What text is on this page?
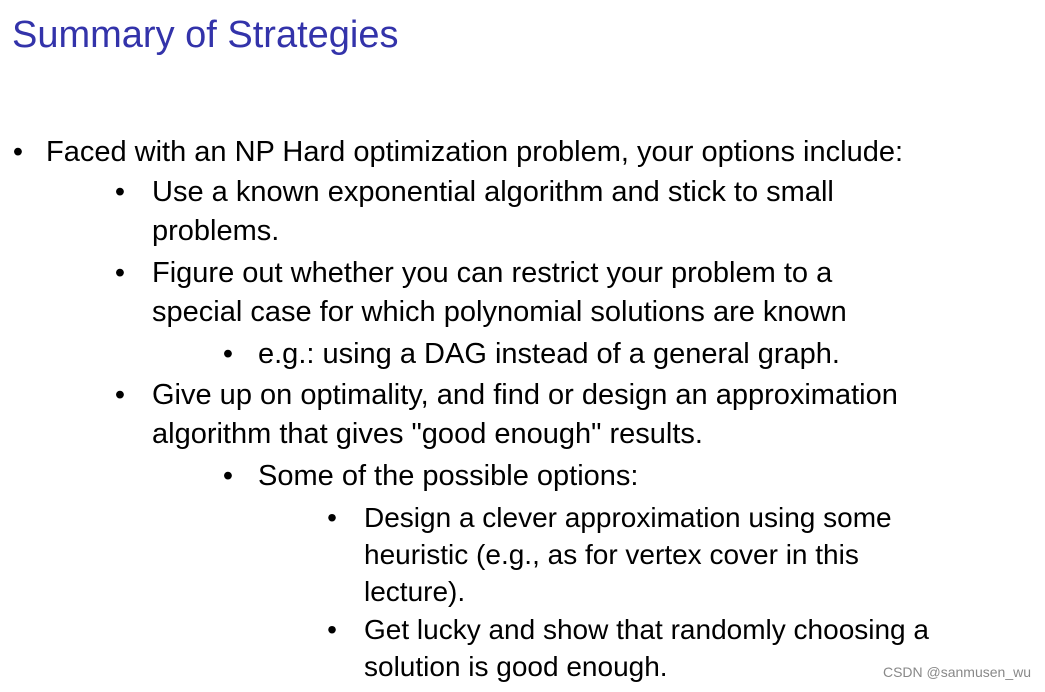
Summary of Strategies
• Faced with an NP Hard optimization problem, your options include:
• Use a known exponential algorithm and stick to small
problems.
• Figure out whether you can restrict your problem to a
special case for which polynomial solutions are known
• e.g.: using a DAG instead of a general graph.
• Give up on optimality, and find or design an approximation
algorithm that gives "good enough" results.
• Some of the possible options:
• Design a clever approximation using some
heuristic (e.g., as for vertex cover in this
lecture).
• Get lucky and show that randomly choosing a
solution is good enough.	CSDN @sanmusen_wu
